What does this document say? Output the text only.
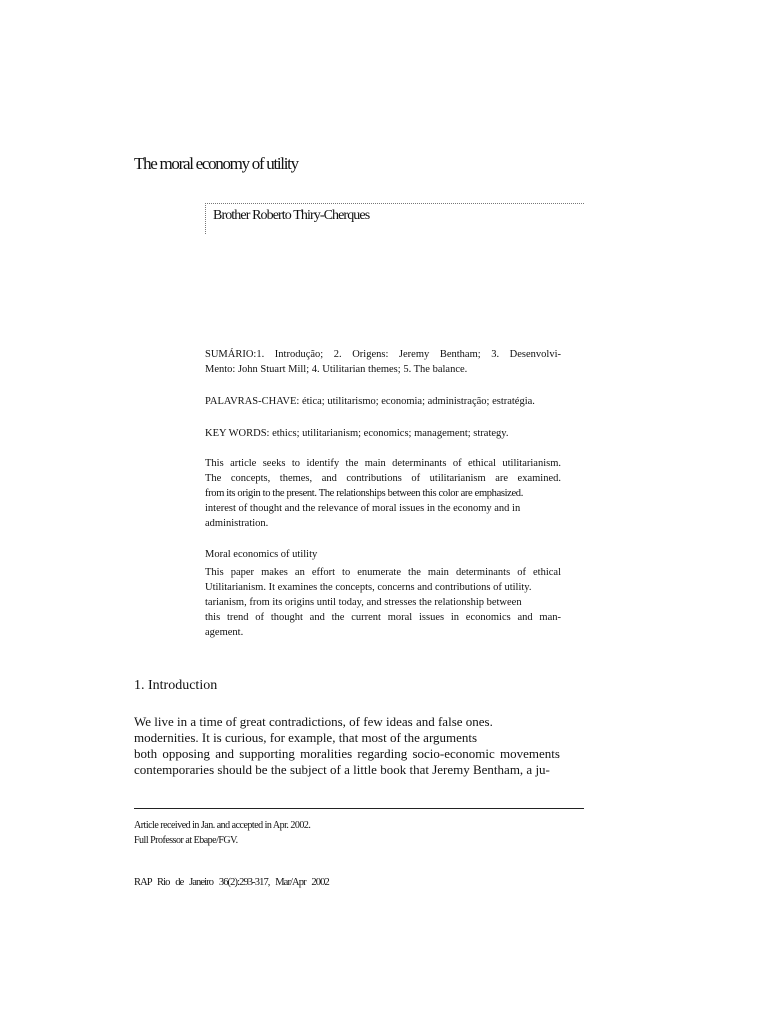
The moral economy of utility
Brother Roberto Thiry-Cherques
SUMÁRIO:1. Introdução; 2. Origens: Jeremy Bentham; 3. Desenvolvi-
Mento: John Stuart Mill; 4. Utilitarian themes; 5. The balance.
PALAVRAS-CHAVE: ética; utilitarismo; economia; administração; estratégia.
KEY WORDS: ethics; utilitarianism; economics; management; strategy.
This article seeks to identify the main determinants of ethical utilitarianism.
The concepts, themes, and contributions of utilitarianism are examined.
from its origin to the present. The relationships between this color are emphasized.
interest of thought and the relevance of moral issues in the economy and in
administration.
Moral economics of utility
This paper makes an effort to enumerate the main determinants of ethical
Utilitarianism. It examines the concepts, concerns and contributions of utility.
tarianism, from its origins until today, and stresses the relationship between
this trend of thought and the current moral issues in economics and man-
agement.
1. Introduction
We live in a time of great contradictions, of few ideas and false ones.
modernities. It is curious, for example, that most of the arguments
both opposing and supporting moralities regarding socio-economic movements
contemporaries should be the subject of a little book that Jeremy Bentham, a ju-
Article received in Jan. and accepted in Apr. 2002.
Full Professor at Ebape/FGV.
RAP Rio de Janeiro 36(2):293-317, Mar/Apr 2002
